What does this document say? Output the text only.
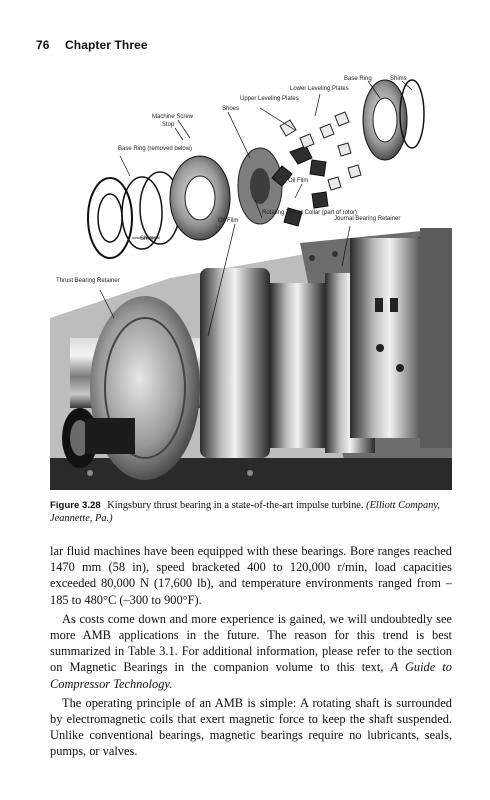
76 Chapter Three
Base Ring	Shims
Lower Leveling Plates
Upper Leveling Plates
Shoes
Machine Screw
Stop
Base Ring (removed below)
Oil Film
Rotating Thrust Collar (part of rotor)
Oil Film	Journal Bearing Retainer
Shims
Thrust Bearing Retainer
Figure 3.28 Kingsbury thrust bearing in a state-of-the-art impulse turbine. (Elliott Company, Jeannette, Pa.)

lar fluid machines have been equipped with these bearings. Bore ranges reached 1470 mm (58 in), speed bracketed 400 to 120,000 r/min, load capacities exceeded 80,000 N (17,600 lb), and temperature environments ranged from –185 to 480°C (–300 to 900°F).

As costs come down and more experience is gained, we will undoubtedly see more AMB applications in the future. The reason for this trend is best summarized in Table 3.1. For additional information, please refer to the section on Magnetic Bearings in the companion volume to this text, A Guide to Compressor Technology.

The operating principle of an AMB is simple: A rotating shaft is surrounded by electromagnetic coils that exert magnetic force to keep the shaft suspended. Unlike conventional bearings, magnetic bearings require no lubricants, seals, pumps, or valves.
